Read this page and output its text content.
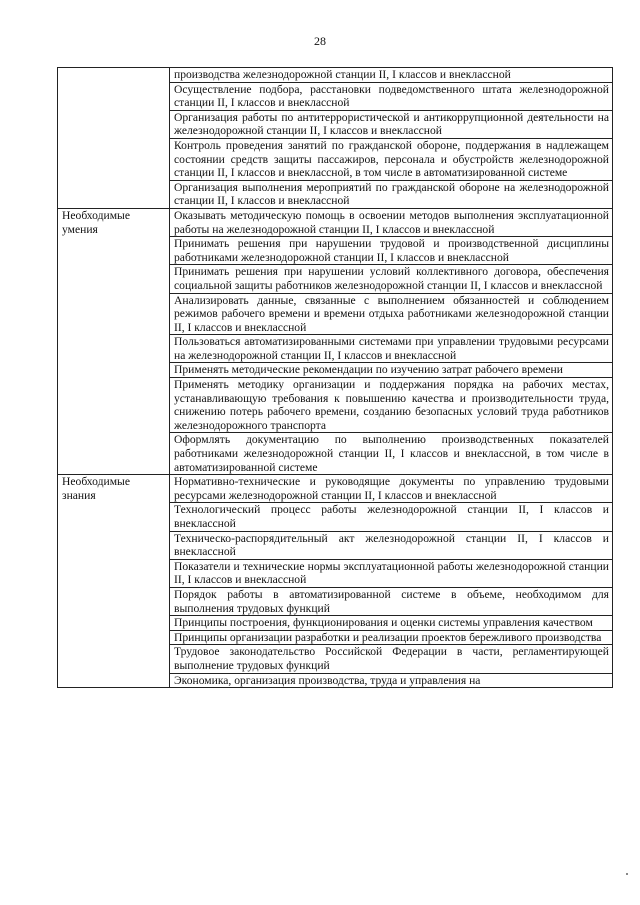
28
	производства железнодорожной станции II, I классов и внеклассной
	Осуществление подбора, расстановки подведомственного штата железнодорожной станции II, I классов и внеклассной
	Организация работы по антитеррористической и антикоррупционной деятельности на железнодорожной станции II, I классов и внеклассной
	Контроль проведения занятий по гражданской обороне, поддержания в надлежащем состоянии средств защиты пассажиров, персонала и обустройств железнодорожной станции II, I классов и внеклассной, в том числе в автоматизированной системе
	Организация выполнения мероприятий по гражданской обороне на железнодорожной станции II, I классов и внеклассной
Необходимые умения	Оказывать методическую помощь в освоении методов выполнения эксплуатационной работы на железнодорожной станции II, I классов и внеклассной
	Принимать решения при нарушении трудовой и производственной дисциплины работниками железнодорожной станции II, I классов и внеклассной
	Принимать решения при нарушении условий коллективного договора, обеспечения социальной защиты работников железнодорожной станции II, I классов и внеклассной
	Анализировать данные, связанные с выполнением обязанностей и соблюдением режимов рабочего времени и времени отдыха работниками железнодорожной станции II, I классов и внеклассной
	Пользоваться автоматизированными системами при управлении трудовыми ресурсами на железнодорожной станции II, I классов и внеклассной
	Применять методические рекомендации по изучению затрат рабочего времени
	Применять методику организации и поддержания порядка на рабочих местах, устанавливающую требования к повышению качества и производительности труда, снижению потерь рабочего времени, созданию безопасных условий труда работников железнодорожного транспорта
	Оформлять документацию по выполнению производственных показателей работниками железнодорожной станции II, I классов и внеклассной, в том числе в автоматизированной системе
Необходимые знания	Нормативно-технические и руководящие документы по управлению трудовыми ресурсами железнодорожной станции II, I классов и внеклассной
	Технологический процесс работы железнодорожной станции II, I классов и внеклассной
	Техническо-распорядительный акт железнодорожной станции II, I классов и внеклассной
	Показатели и технические нормы эксплуатационной работы железнодорожной станции II, I классов и внеклассной
	Порядок работы в автоматизированной системе в объеме, необходимом для выполнения трудовых функций
	Принципы построения, функционирования и оценки системы управления качеством
	Принципы организации разработки и реализации проектов бережливого производства
	Трудовое законодательство Российской Федерации в части, регламентирующей выполнение трудовых функций
	Экономика, организация производства, труда и управления на
